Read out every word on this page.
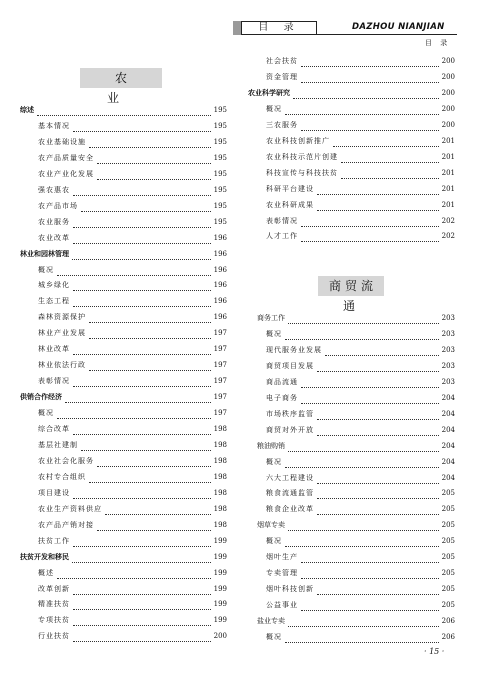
目 录	DAZHOU NIANJIAN
目 录
农 业
商贸流通
综述	195
基本情况	195
农业基础设施	195
农产品质量安全	195
农业产业化发展	195
强农惠农	195
农产品市场	195
农业服务	195
农业改革	196
林业和园林管理	196
概况	196
城乡绿化	196
生态工程	196
森林资源保护	196
林业产业发展	197
林业改革	197
林业依法行政	197
表彰情况	197
供销合作经济	197
概况	197
综合改革	198
基层社建制	198
农业社会化服务	198
农村专合组织	198
项目建设	198
农业生产资料供应	198
农产品产销对接	198
扶贫工作	199
扶贫开发和移民	199
概述	199
改革创新	199
精准扶贫	199
专项扶贫	199
行业扶贫	200
社会扶贫	200
资金管理	200
农业科学研究	200
概况	200
三农服务	200
农业科技创新推广	201
农业科技示范片创建	201
科技宣传与科技扶贫	201
科研平台建设	201
农业科研成果	201
表彰情况	202
人才工作	202
商务工作	203
概况	203
现代服务业发展	203
商贸项目发展	203
商品流通	203
电子商务	204
市场秩序监管	204
商贸对外开放	204
粮油购销	204
概况	204
六大工程建设	204
粮食流通监管	205
粮食企业改革	205
烟草专卖	205
概况	205
烟叶生产	205
专卖管理	205
烟叶科技创新	205
公益事业	205
盐业专卖	206
概况	206
· 15 ·
